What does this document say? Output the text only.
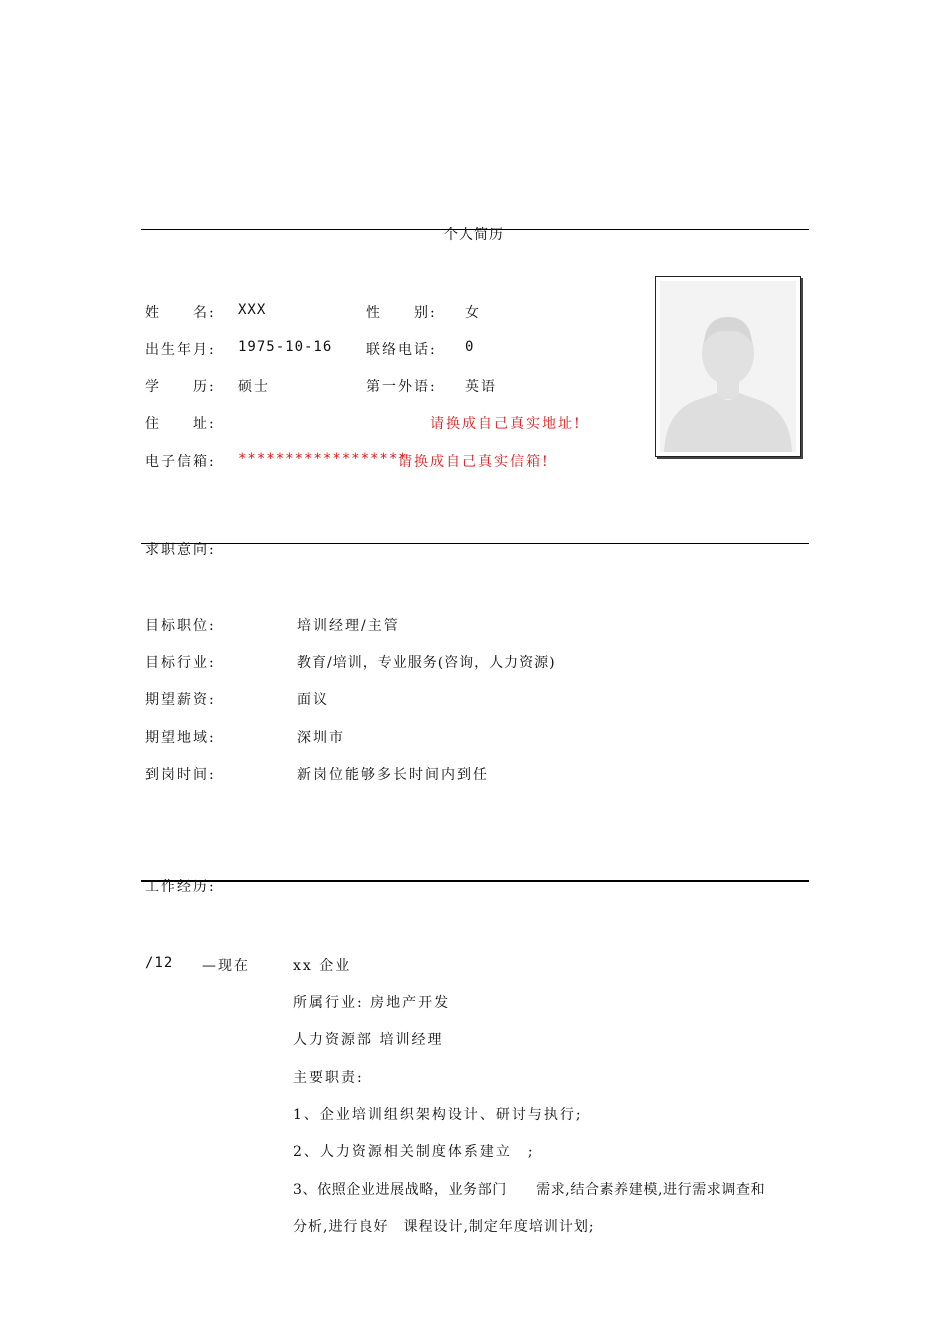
个人简历
姓　　名: XXX	性　　别: 女
出生年月: 1975-10-16 联络电话: 0
学　　历: 硕士	第一外语: 英语
住　　址:	请换成自己真实地址!
电子信箱: ******************
请换成自己真实信箱!
求职意向:
目标职位:	培训经理/主管
目标行业:	教育/培训，专业服务(咨询，人力资源)
期望薪资:	面议
期望地域:	深圳市
到岗时间:	新岗位能够多长时间内到任
工作经历:
/12 —现在	xx 企业
所属行业: 房地产开发
人力资源部 培训经理
主要职责:
1、企业培训组织架构设计、研讨与执行;
2、人力资源相关制度体系建立　;
3、依照企业进展战略，业务部门　　需求,结合素养建模,进行需求调查和
分析,进行良好　课程设计,制定年度培训计划;
